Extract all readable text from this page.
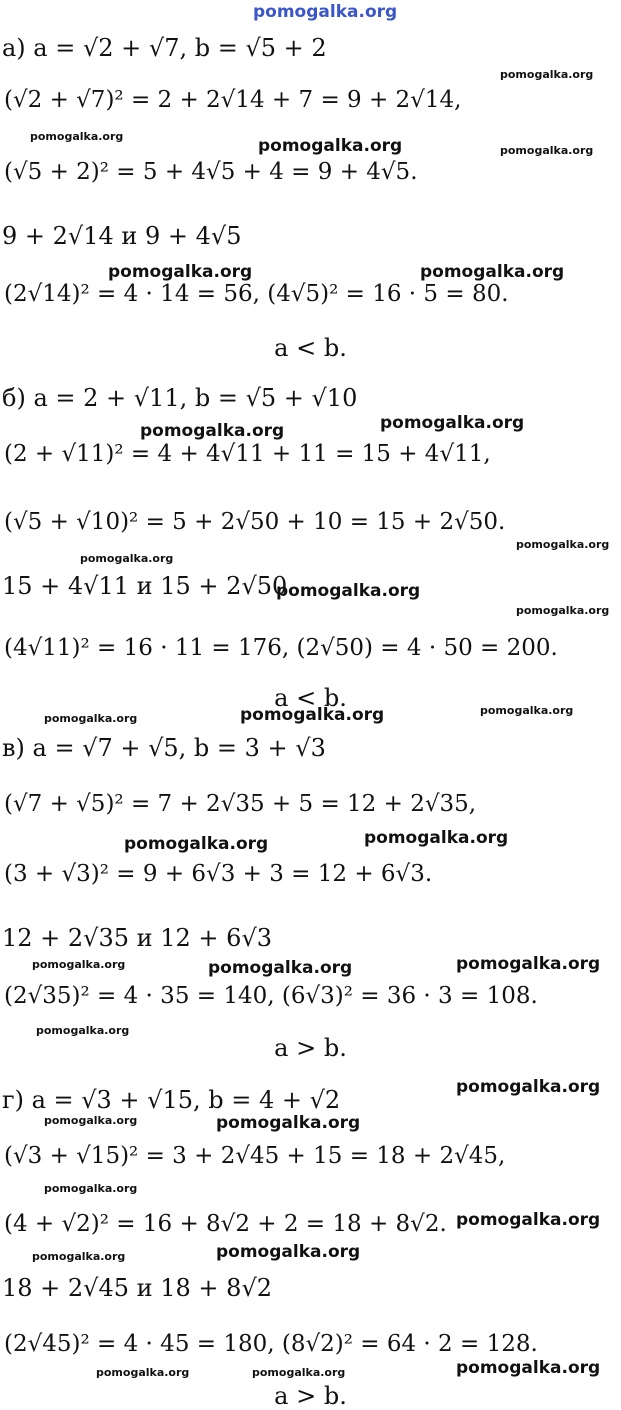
pomogalka.org
а) a = √2 + √7, b = √5 + 2
(√2 + √7)² = 2 + 2√14 + 7 = 9 + 2√14,
(√5 + 2)² = 5 + 4√5 + 4 = 9 + 4√5.
9 + 2√14 и 9 + 4√5
(2√14)² = 4 · 14 = 56, (4√5)² = 16 · 5 = 80.
a < b.
б) a = 2 + √11, b = √5 + √10
(2 + √11)² = 4 + 4√11 + 11 = 15 + 4√11,
(√5 + √10)² = 5 + 2√50 + 10 = 15 + 2√50.
15 + 4√11 и 15 + 2√50
(4√11)² = 16 · 11 = 176, (2√50) = 4 · 50 = 200.
a < b.
в) a = √7 + √5, b = 3 + √3
(√7 + √5)² = 7 + 2√35 + 5 = 12 + 2√35,
(3 + √3)² = 9 + 6√3 + 3 = 12 + 6√3.
12 + 2√35 и 12 + 6√3
(2√35)² = 4 · 35 = 140, (6√3)² = 36 · 3 = 108.
a > b.
г) a = √3 + √15, b = 4 + √2
(√3 + √15)² = 3 + 2√45 + 15 = 18 + 2√45,
(4 + √2)² = 16 + 8√2 + 2 = 18 + 8√2.
18 + 2√45 и 18 + 8√2
(2√45)² = 4 · 45 = 180, (8√2)² = 64 · 2 = 128.
a > b.
pomogalka.org
pomogalka.org	pomogalka.org	pomogalka.org
pomogalka.org	pomogalka.org
pomogalka.org
pomogalka.org
pomogalka.org
pomogalka.org
pomogalka.org
pomogalka.org
pomogalka.org
pomogalka.org
pomogalka.org
pomogalka.org
pomogalka.org
pomogalka.org
pomogalka.org	pomogalka.org
pomogalka.org
pomogalka.org
pomogalka.org	pomogalka.org
pomogalka.org
pomogalka.org
pomogalka.org
pomogalka.org
pomogalka.org	pomogalka.org	pomogalka.org
